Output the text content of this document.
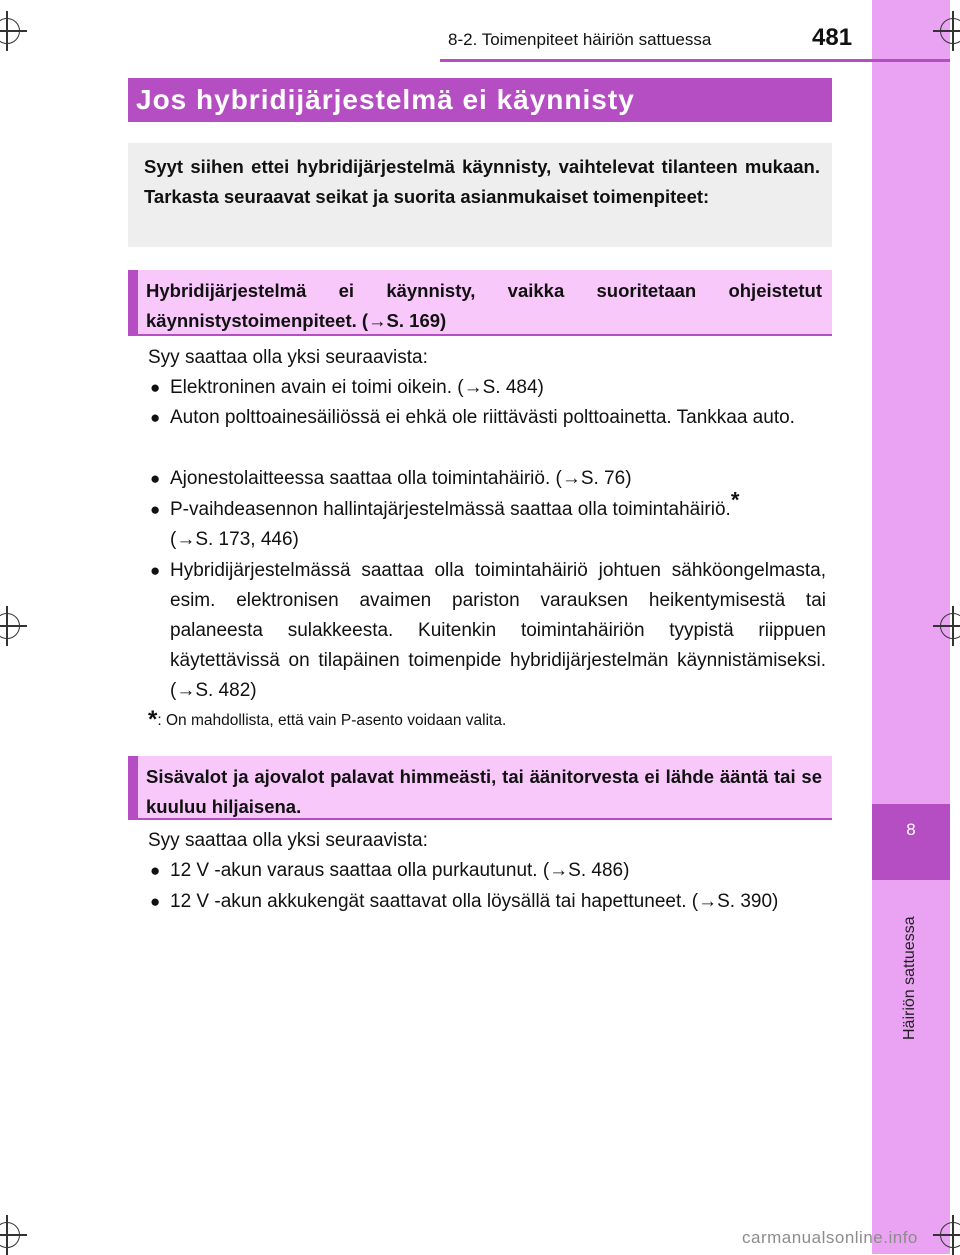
8
Häiriön sattuessa
8-2. Toimenpiteet häiriön sattuessa	481
Jos hybridijärjestelmä ei käynnisty
Syyt siihen ettei hybridijärjestelmä käynnisty, vaihtelevat tilanteen mukaan. Tarkasta seuraavat seikat ja suorita asianmukaiset toimenpiteet:
Hybridijärjestelmä ei käynnisty, vaikka suoritetaan ohjeistetut käynnistystoimenpiteet. (→S. 169)
Syy saattaa olla yksi seuraavista:
● Elektroninen avain ei toimi oikein. (→S. 484)
● Auton polttoainesäiliössä ei ehkä ole riittävästi polttoainetta. Tankkaa auto.
● Ajonestolaitteessa saattaa olla toimintahäiriö. (→S. 76)
● P-vaihdeasennon hallintajärjestelmässä saattaa olla toimintahäiriö.*
(→S. 173, 446)
● Hybridijärjestelmässä saattaa olla toimintahäiriö johtuen sähköongelmasta, esim. elektronisen avaimen pariston varauksen heikentymisestä tai palaneesta sulakkeesta. Kuitenkin toimintahäiriön tyypistä riippuen käytettävissä on tilapäinen toimenpide hybridijärjestelmän käynnistämiseksi. (→S. 482)
*: On mahdollista, että vain P-asento voidaan valita.
Sisävalot ja ajovalot palavat himmeästi, tai äänitorvesta ei lähde ääntä tai se kuuluu hiljaisena.
Syy saattaa olla yksi seuraavista:
● 12 V -akun varaus saattaa olla purkautunut. (→S. 486)
● 12 V -akun akkukengät saattavat olla löysällä tai hapettuneet. (→S. 390)
carmanualsonline.info
